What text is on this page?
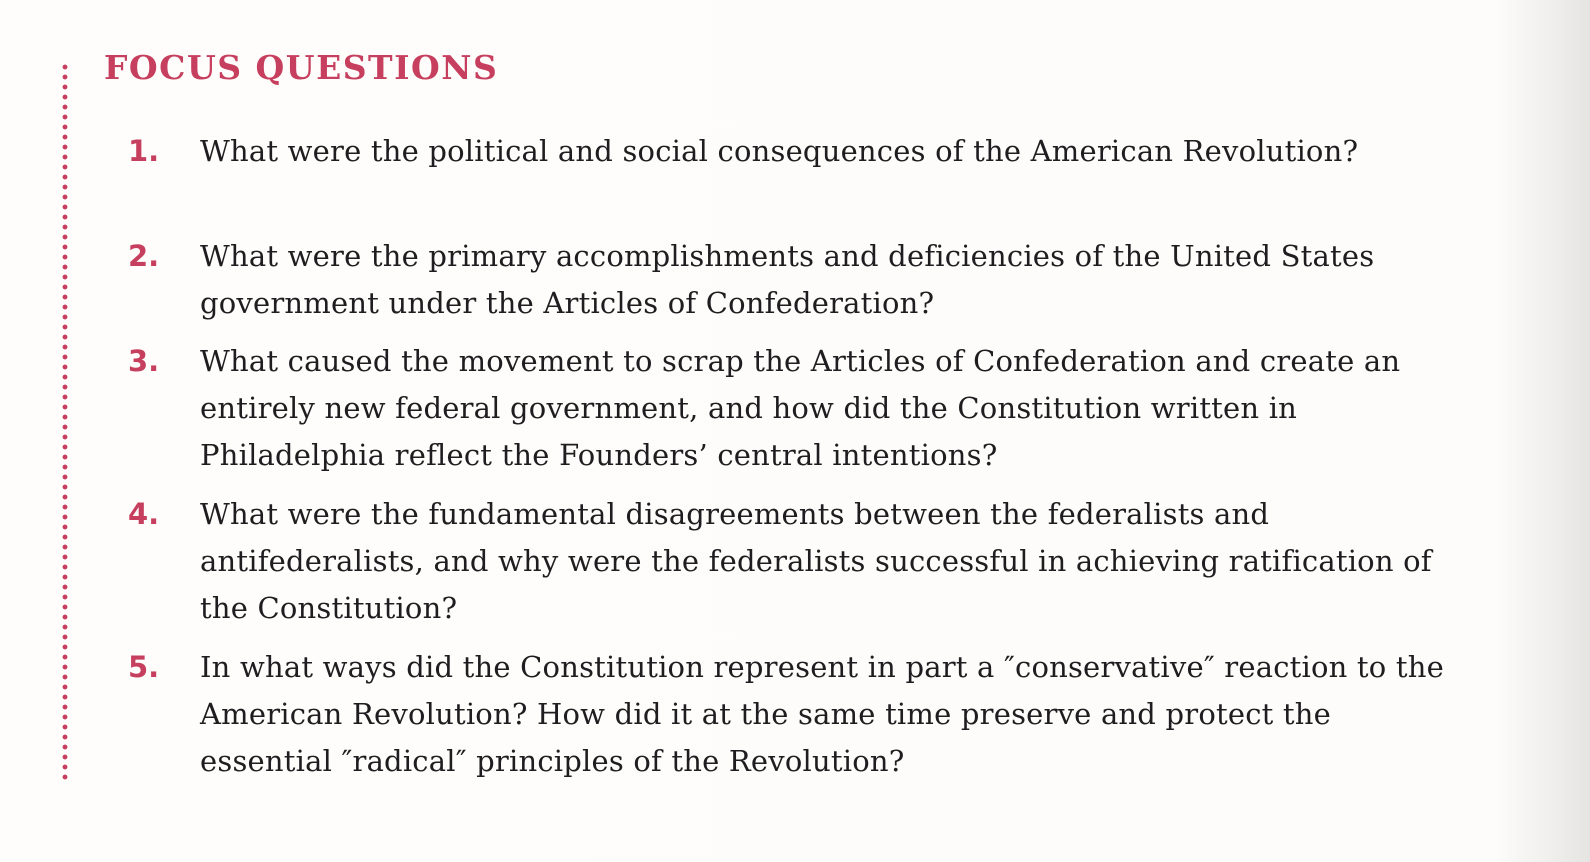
FOCUS QUESTIONS
1. What were the political and social consequences of the American Revolution?
2. What were the primary accomplishments and deficiencies of the United States government under the Articles of Confederation?
3. What caused the movement to scrap the Articles of Confederation and create an entirely new federal government, and how did the Constitution written in Philadelphia reflect the Founders’ central intentions?
4. What were the fundamental disagreements between the federalists and antifederalists, and why were the federalists successful in achieving ratification of the Constitution?
5. In what ways did the Constitution represent in part a ″conservative″ reaction to the American Revolution? How did it at the same time preserve and protect the essential ″radical″ principles of the Revolution?
